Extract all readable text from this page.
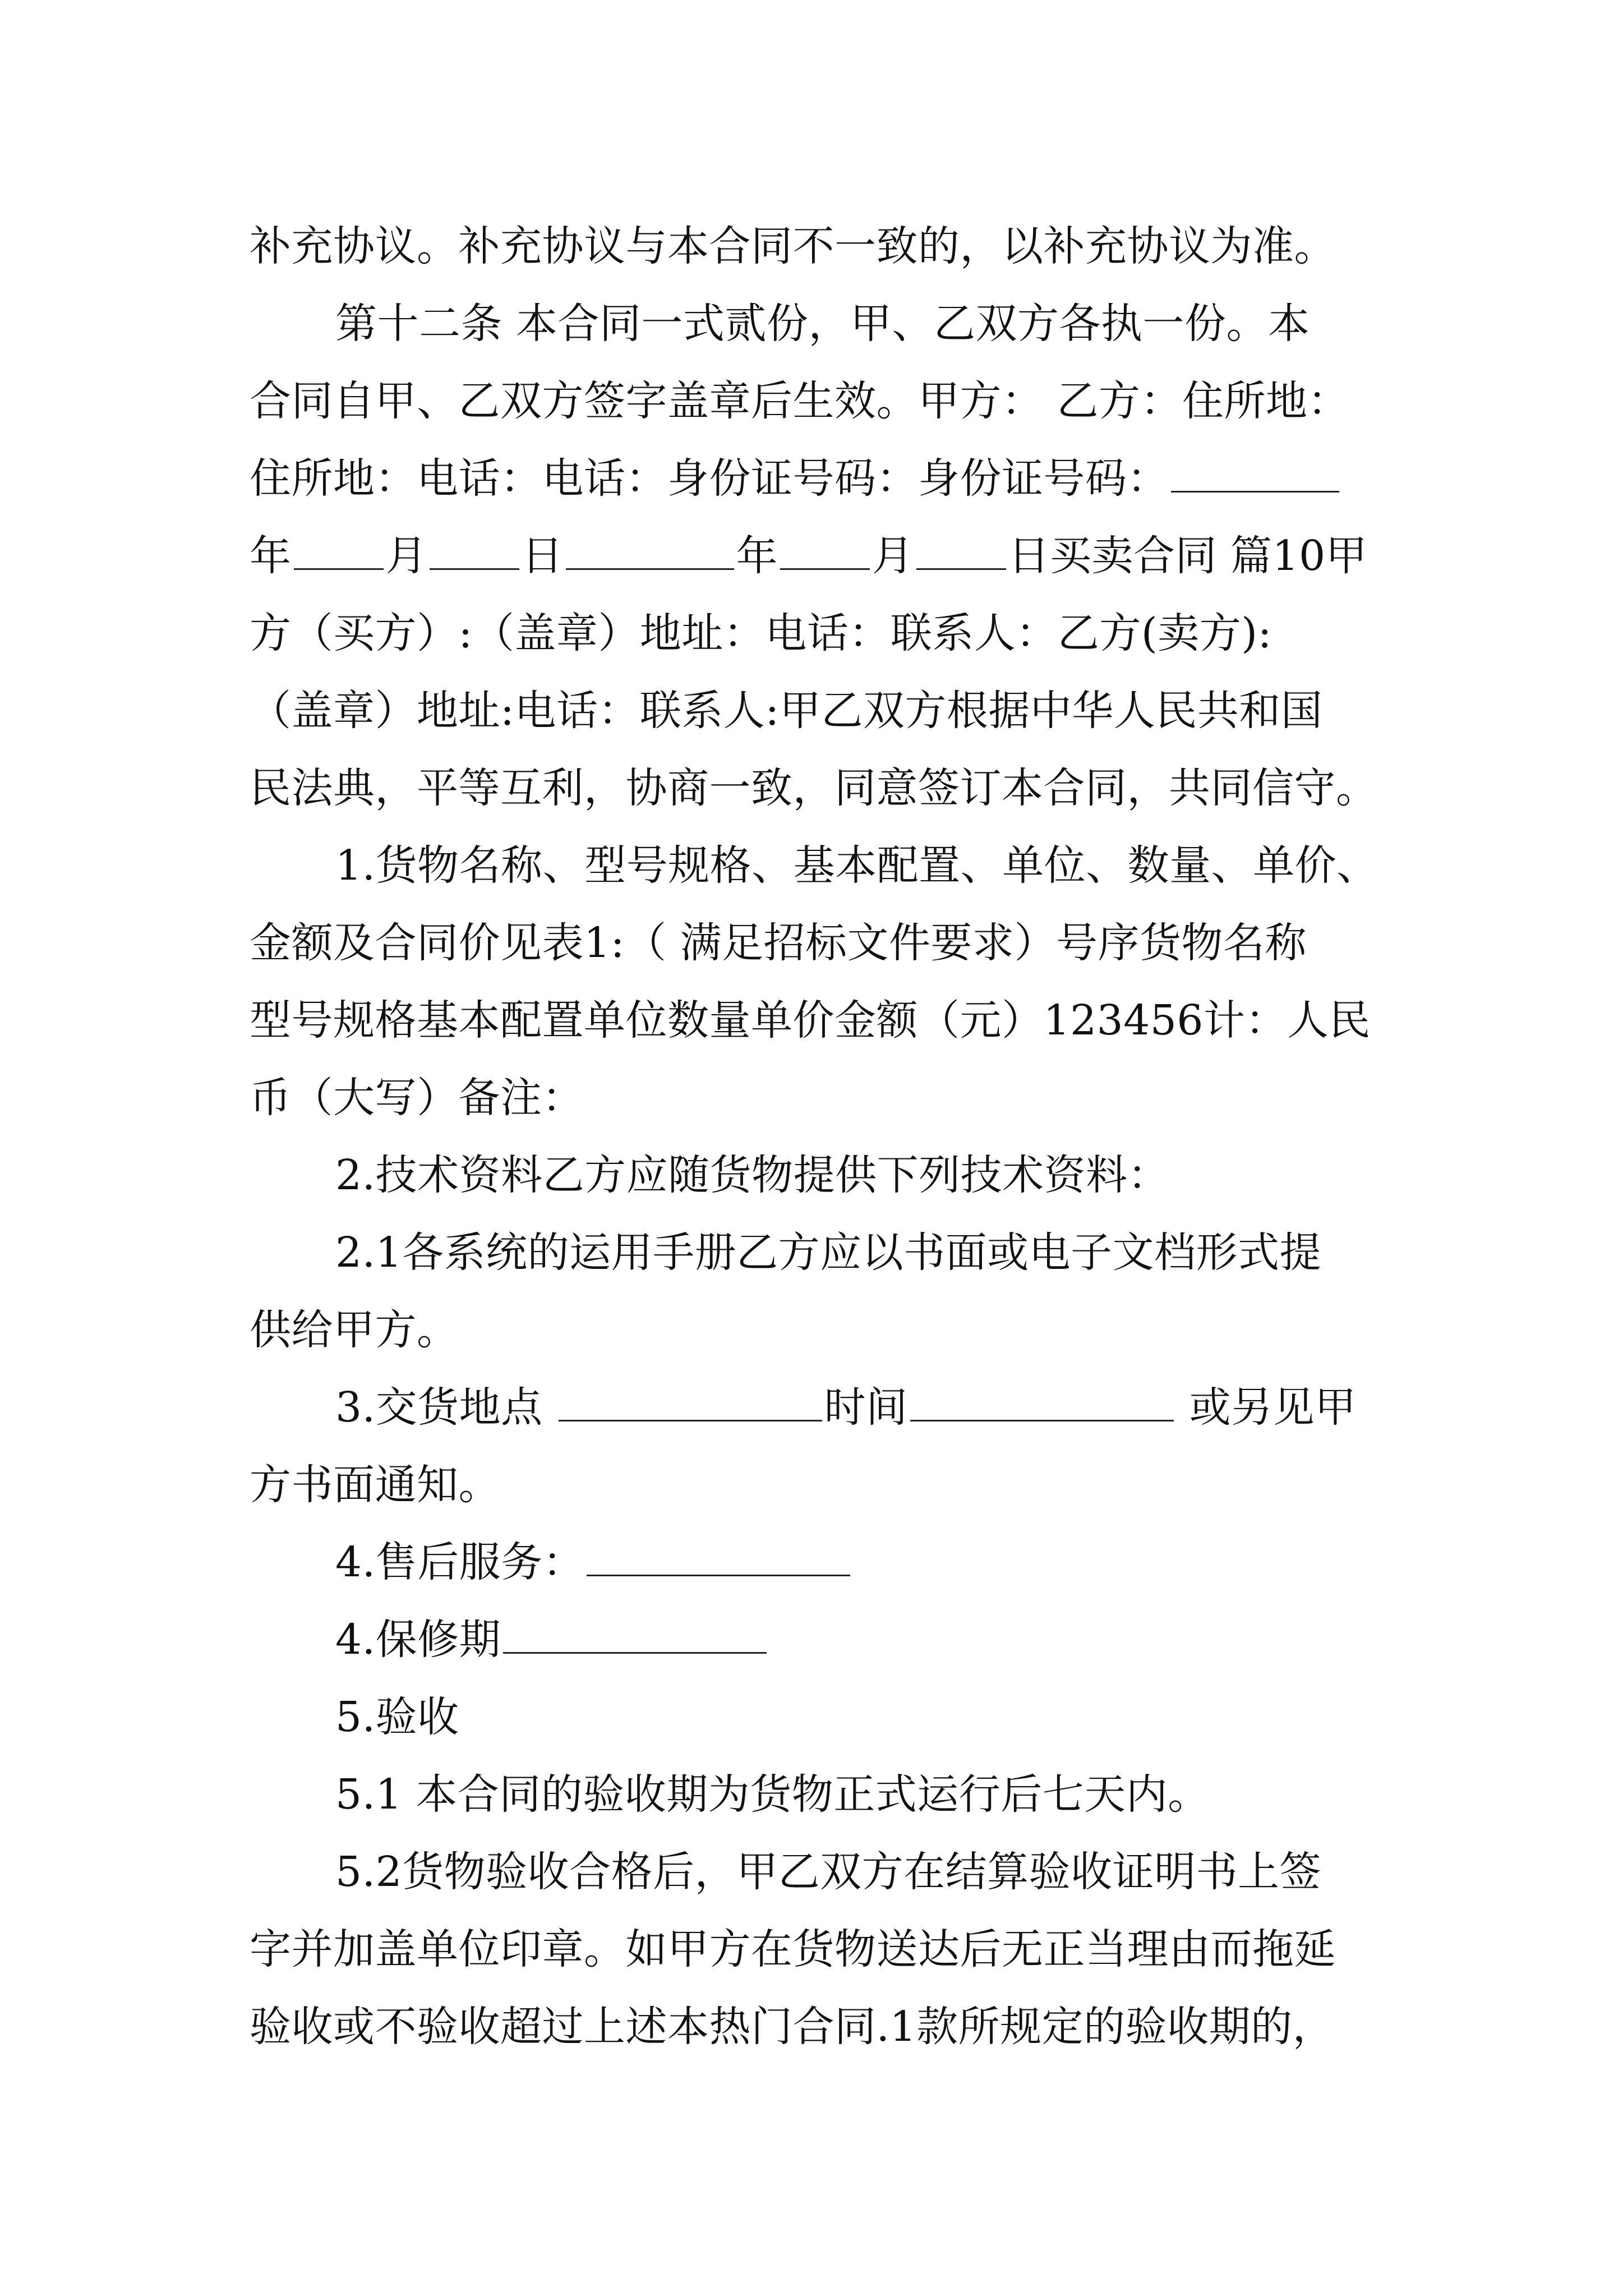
补充协议。补充协议与本合同不一致的，以补充协议为准。
第十二条 本合同一式贰份，甲、乙双方各执一份。本
合同自甲、乙双方签字盖章后生效。甲方： 乙方：住所地：
住所地：电话：电话：身份证号码：身份证号码：
年 月 日	年 月 日买卖合同 篇10甲
方（买方）:（盖章）地址：电话：联系人：乙方(卖方):
（盖章）地址:电话：联系人:甲乙双方根据中华人民共和国
民法典，平等互利，协商一致，同意签订本合同，共同信守。
1.货物名称、型号规格、基本配置、单位、数量、单价、
金额及合同价见表1:（ 满足招标文件要求）号序货物名称
型号规格基本配置单位数量单价金额（元）123456计：人民
币（大写）备注：
2.技术资料乙方应随货物提供下列技术资料：
2.1各系统的运用手册乙方应以书面或电子文档形式提
供给甲方。
3.交货地点	时间	或另见甲
方书面通知。
4.售后服务：
4.保修期
5.验收
5.1 本合同的验收期为货物正式运行后七天内。
5.2货物验收合格后，甲乙双方在结算验收证明书上签
字并加盖单位印章。如甲方在货物送达后无正当理由而拖延
验收或不验收超过上述本热门合同.1款所规定的验收期的，
